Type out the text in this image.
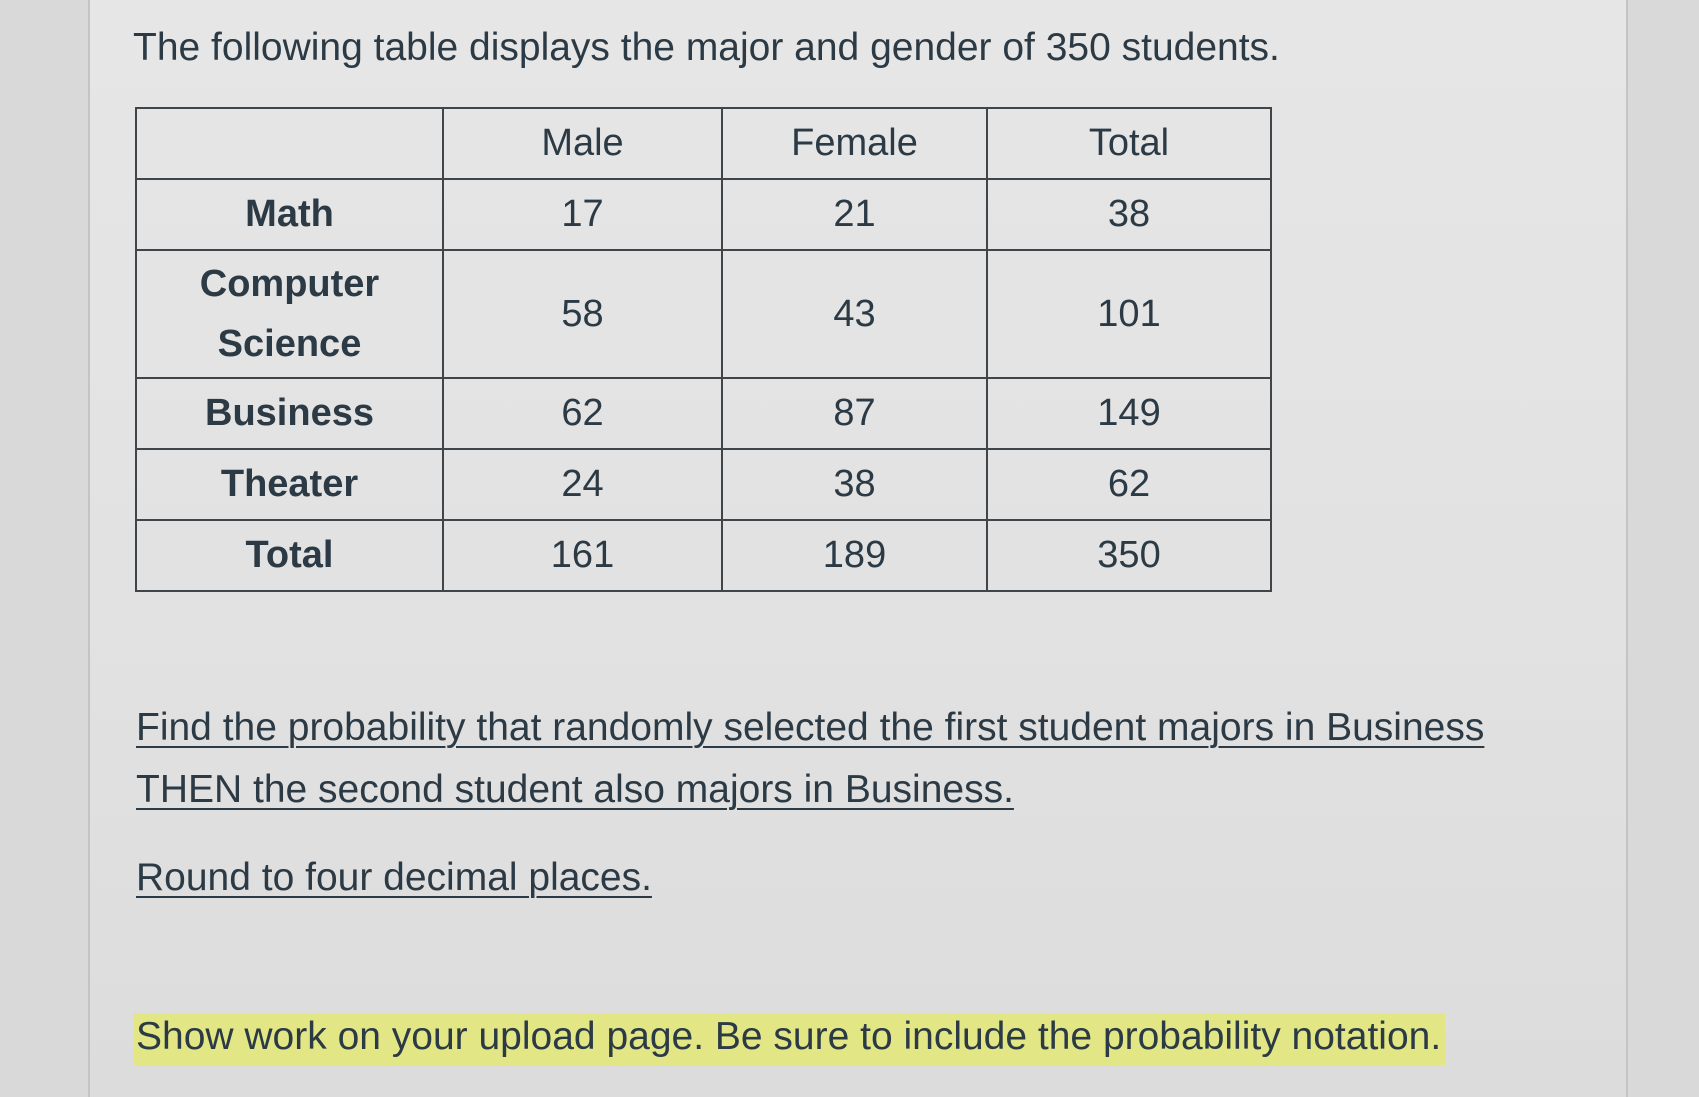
The following table displays the major and gender of 350 students.
	Male	Female	Total
Math	17	21	38
Computer Science	58	43	101
Business	62	87	149
Theater	24	38	62
Total	161	189	350
Find the probability that randomly selected the first student majors in Business
THEN the second student also majors in Business.
Round to four decimal places.
Show work on your upload page. Be sure to include the probability notation.
